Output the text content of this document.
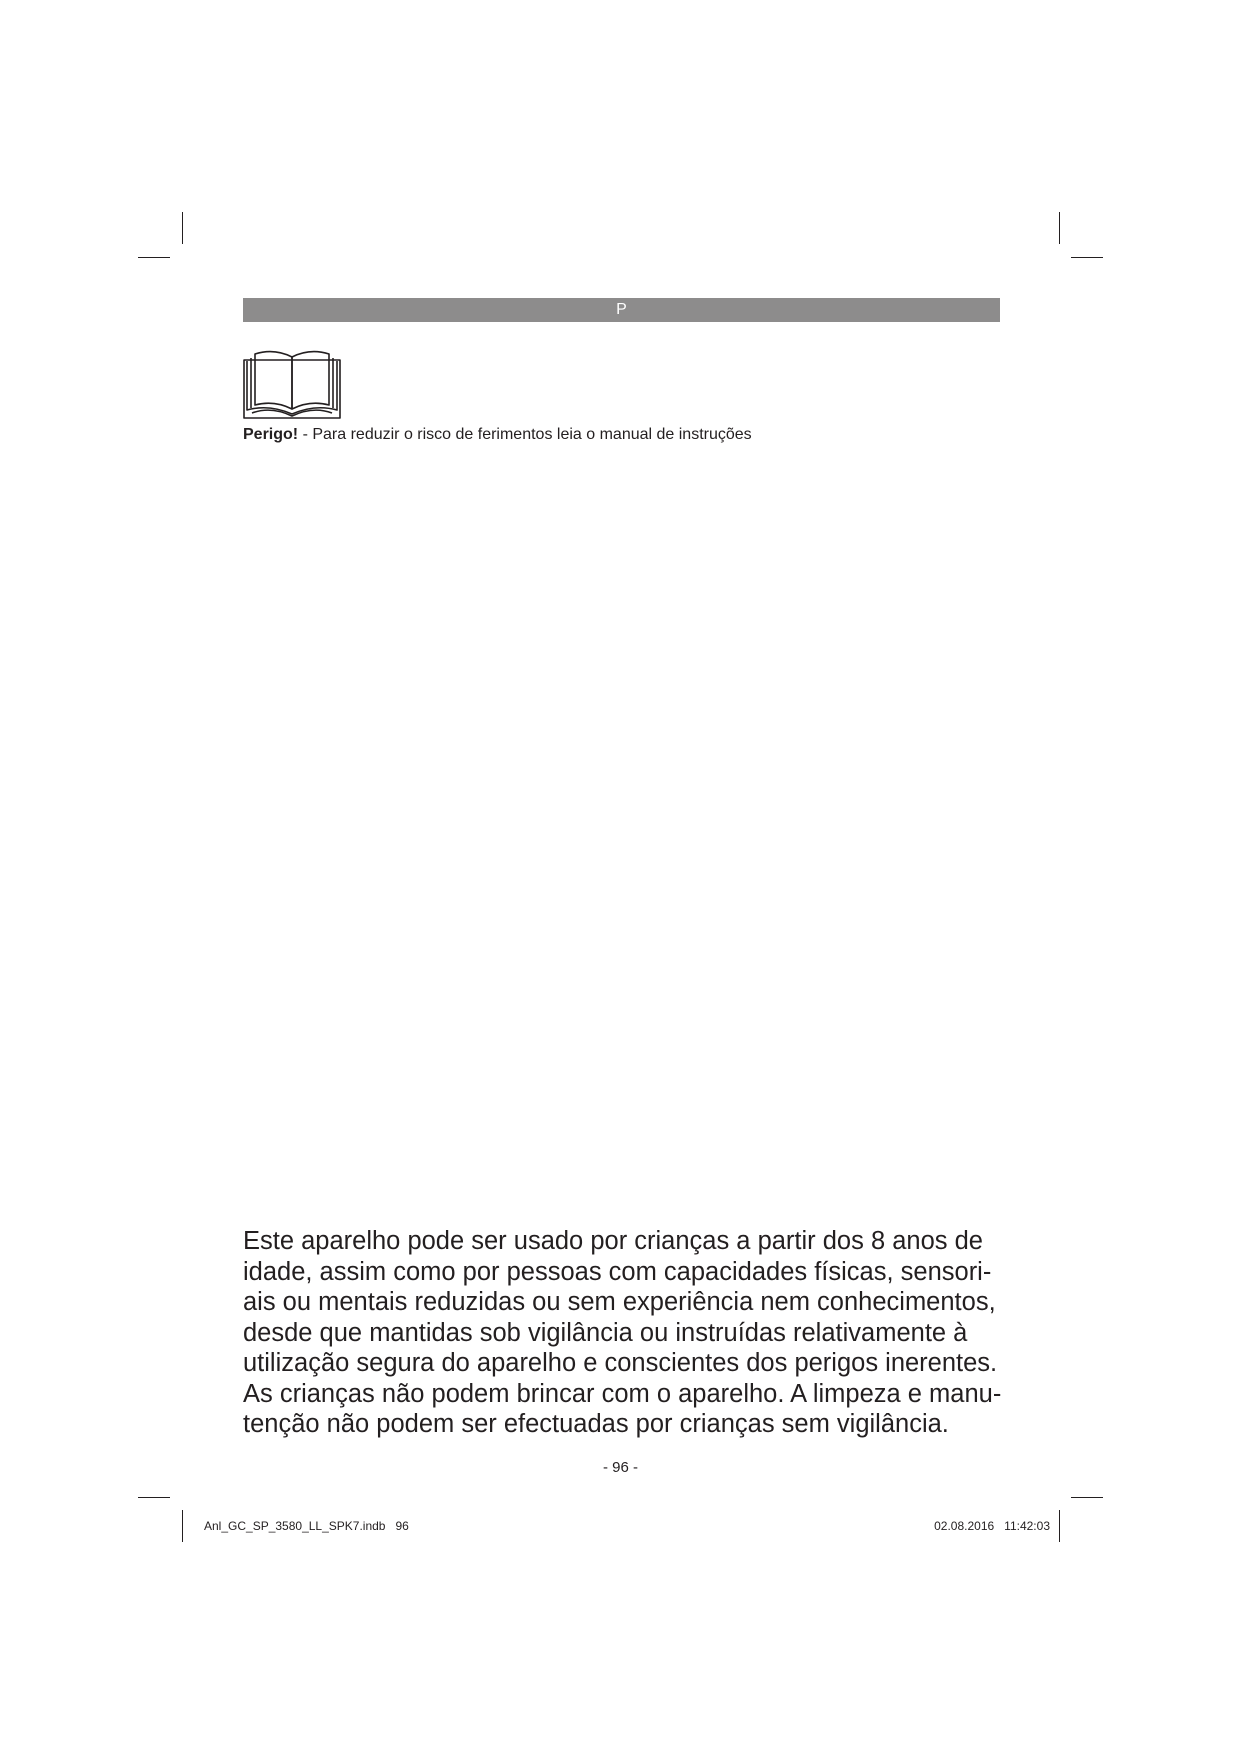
P
Perigo! - Para reduzir o risco de ferimentos leia o manual de instruções

Este aparelho pode ser usado por crianças a partir dos 8 anos de
idade, assim como por pessoas com capacidades físicas, sensori-
ais ou mentais reduzidas ou sem experiência nem conhecimentos,
desde que mantidas sob vigilância ou instruídas relativamente à
utilização segura do aparelho e conscientes dos perigos inerentes.
As crianças não podem brincar com o aparelho. A limpeza e manu-
tenção não podem ser efectuadas por crianças sem vigilância.

- 96 -
Anl_GC_SP_3580_LL_SPK7.indb   96	02.08.2016   11:42:03
